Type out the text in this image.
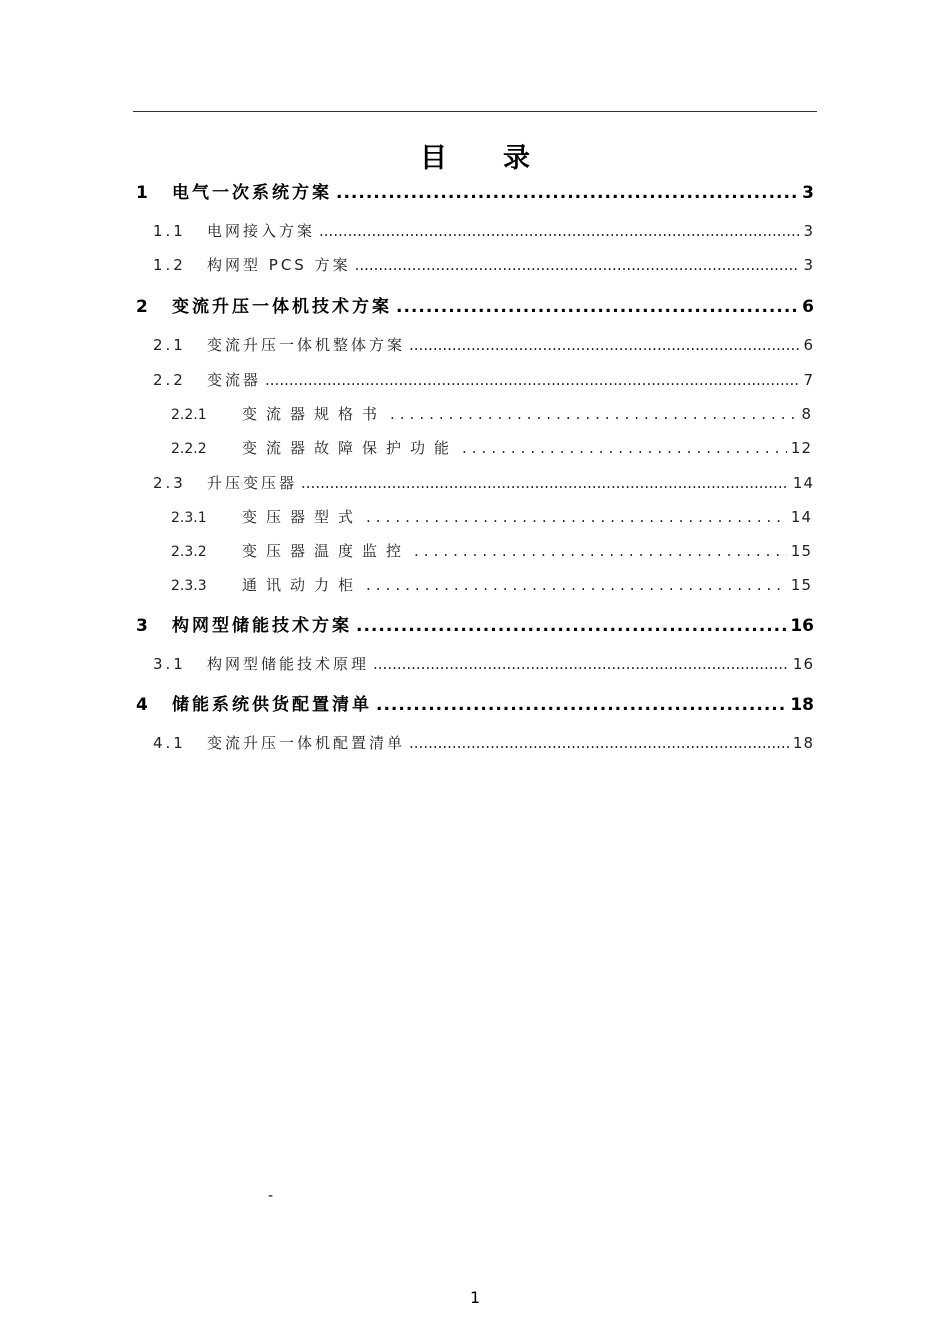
目 录
1	电气一次系统方案 .....	3
1.1	电网接入方案 .....	3
1.2	构网型 PCS 方案 .....	3
2	变流升压一体机技术方案 .....	6
2.1	变流升压一体机整体方案 .....	6
2.2	变流器 .....	7
2.2.1	变流器规格书 .....	8
2.2.2	变流器故障保护功能 .....	12
2.3	升压变压器 .....	14
2.3.1	变压器型式 .....	14
2.3.2	变压器温度监控 .....	15
2.3.3	通讯动力柜 .....	15
3	构网型储能技术方案 .....	16
3.1	构网型储能技术原理 .....	16
4	储能系统供货配置清单 .....	18
4.1	变流升压一体机配置清单 .....	18
-
1
